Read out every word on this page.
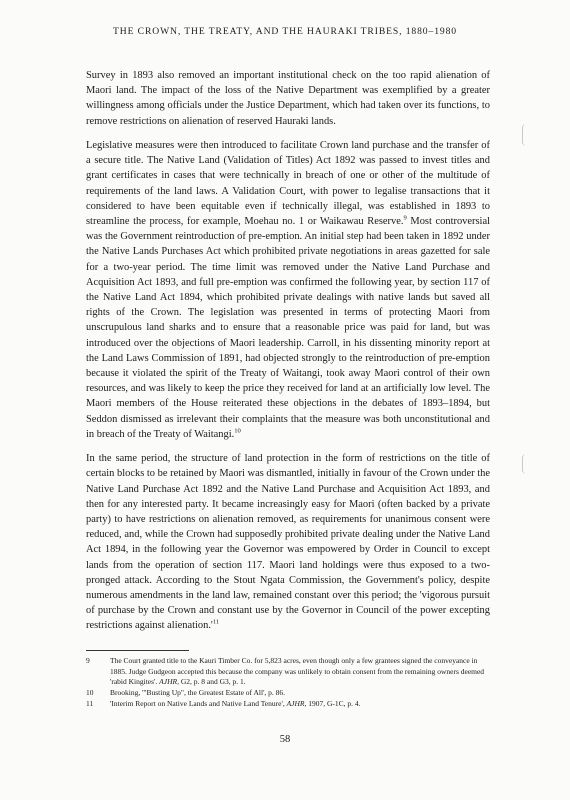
THE CROWN, THE TREATY, AND THE HAURAKI TRIBES, 1880–1980

Survey in 1893 also removed an important institutional check on the too rapid alienation of Maori land. The impact of the loss of the Native Department was exemplified by a greater willingness among officials under the Justice Department, which had taken over its functions, to remove restrictions on alienation of reserved Hauraki lands.

Legislative measures were then introduced to facilitate Crown land purchase and the transfer of a secure title. The Native Land (Validation of Titles) Act 1892 was passed to invest titles and grant certificates in cases that were technically in breach of one or other of the multitude of requirements of the land laws. A Validation Court, with power to legalise transactions that it considered to have been equitable even if technically illegal, was established in 1893 to streamline the process, for example, Moehau no. 1 or Waikawau Reserve.$^9$ Most controversial was the Government reintroduction of pre-emption. An initial step had been taken in 1892 under the Native Lands Purchases Act which prohibited private negotiations in areas gazetted for sale for a two-year period. The time limit was removed under the Native Land Purchase and Acquisition Act 1893, and full pre-emption was confirmed the following year, by section 117 of the Native Land Act 1894, which prohibited private dealings with native lands but saved all rights of the Crown. The legislation was presented in terms of protecting Maori from unscrupulous land sharks and to ensure that a reasonable price was paid for land, but was introduced over the objections of Maori leadership. Carroll, in his dissenting minority report at the Land Laws Commission of 1891, had objected strongly to the reintroduction of pre-emption because it violated the spirit of the Treaty of Waitangi, took away Maori control of their own resources, and was likely to keep the price they received for land at an artificially low level. The Maori members of the House reiterated these objections in the debates of 1893–1894, but Seddon dismissed as irrelevant their complaints that the measure was both unconstitutional and in breach of the Treaty of Waitangi.$^{10}$

In the same period, the structure of land protection in the form of restrictions on the title of certain blocks to be retained by Maori was dismantled, initially in favour of the Crown under the Native Land Purchase Act 1892 and the Native Land Purchase and Acquisition Act 1893, and then for any interested party. It became increasingly easy for Maori (often backed by a private party) to have restrictions on alienation removed, as requirements for unanimous consent were reduced, and, while the Crown had supposedly prohibited private dealing under the Native Land Act 1894, in the following year the Governor was empowered by Order in Council to except lands from the operation of section 117. Maori land holdings were thus exposed to a two-pronged attack. According to the Stout Ngata Commission, the Government's policy, despite numerous amendments in the land law, remained constant over this period; the 'vigorous pursuit of purchase by the Crown and constant use by the Governor in Council of the power excepting restrictions against alienation.'$^{11}$

9	The Court granted title to the Kauri Timber Co. for 5,823 acres, even though only a few grantees signed the conveyance in 1885. Judge Gudgeon accepted this because the company was unlikely to obtain consent from the remaining owners deemed 'rabid Kingites'. AJHR, G2, p. 8 and G3, p. 1.
10	Brooking, '"Busting Up", the Greatest Estate of All', p. 86.
11	'Interim Report on Native Lands and Native Land Tenure', AJHR, 1907, G-1C, p. 4.
58
